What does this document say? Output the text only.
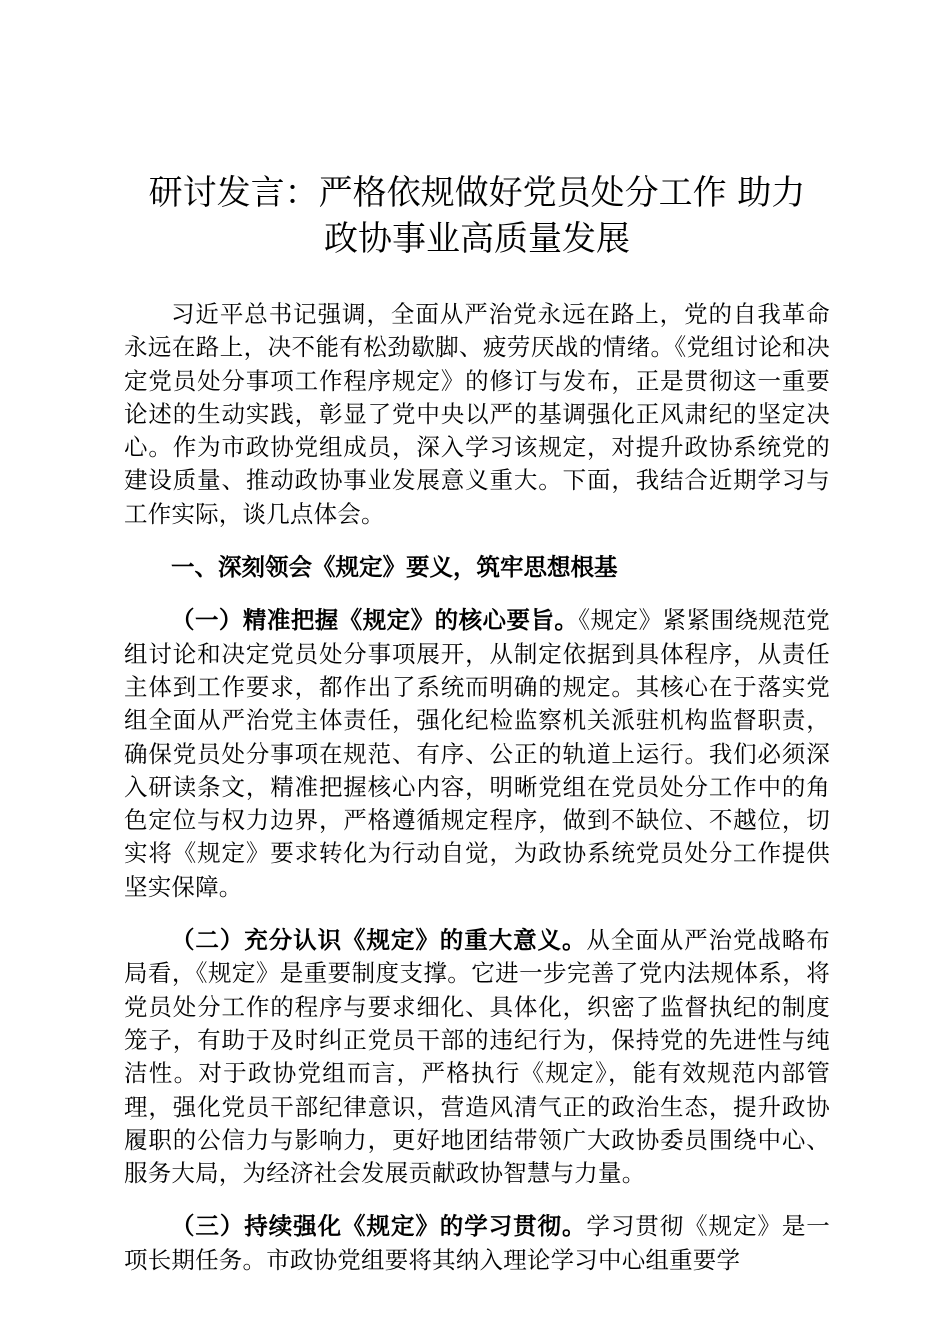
研讨发言：严格依规做好党员处分工作 助力
政协事业高质量发展

习近平总书记强调，全面从严治党永远在路上，党的自我革命永远在路上，决不能有松劲歇脚、疲劳厌战的情绪。《党组讨论和决定党员处分事项工作程序规定》的修订与发布，正是贯彻这一重要论述的生动实践，彰显了党中央以严的基调强化正风肃纪的坚定决心。作为市政协党组成员，深入学习该规定，对提升政协系统党的建设质量、推动政协事业发展意义重大。下面，我结合近期学习与工作实际，谈几点体会。

一、深刻领会《规定》要义，筑牢思想根基

（一）精准把握《规定》的核心要旨。《规定》紧紧围绕规范党组讨论和决定党员处分事项展开，从制定依据到具体程序，从责任主体到工作要求，都作出了系统而明确的规定。其核心在于落实党组全面从严治党主体责任，强化纪检监察机关派驻机构监督职责，确保党员处分事项在规范、有序、公正的轨道上运行。我们必须深入研读条文，精准把握核心内容，明晰党组在党员处分工作中的角色定位与权力边界，严格遵循规定程序，做到不缺位、不越位，切实将《规定》要求转化为行动自觉，为政协系统党员处分工作提供坚实保障。

（二）充分认识《规定》的重大意义。从全面从严治党战略布局看，《规定》是重要制度支撑。它进一步完善了党内法规体系，将党员处分工作的程序与要求细化、具体化，织密了监督执纪的制度笼子，有助于及时纠正党员干部的违纪行为，保持党的先进性与纯洁性。对于政协党组而言，严格执行《规定》，能有效规范内部管理，强化党员干部纪律意识，营造风清气正的政治生态，提升政协履职的公信力与影响力，更好地团结带领广大政协委员围绕中心、服务大局，为经济社会发展贡献政协智慧与力量。

（三）持续强化《规定》的学习贯彻。学习贯彻《规定》是一项长期任务。市政协党组要将其纳入理论学习中心组重要学
